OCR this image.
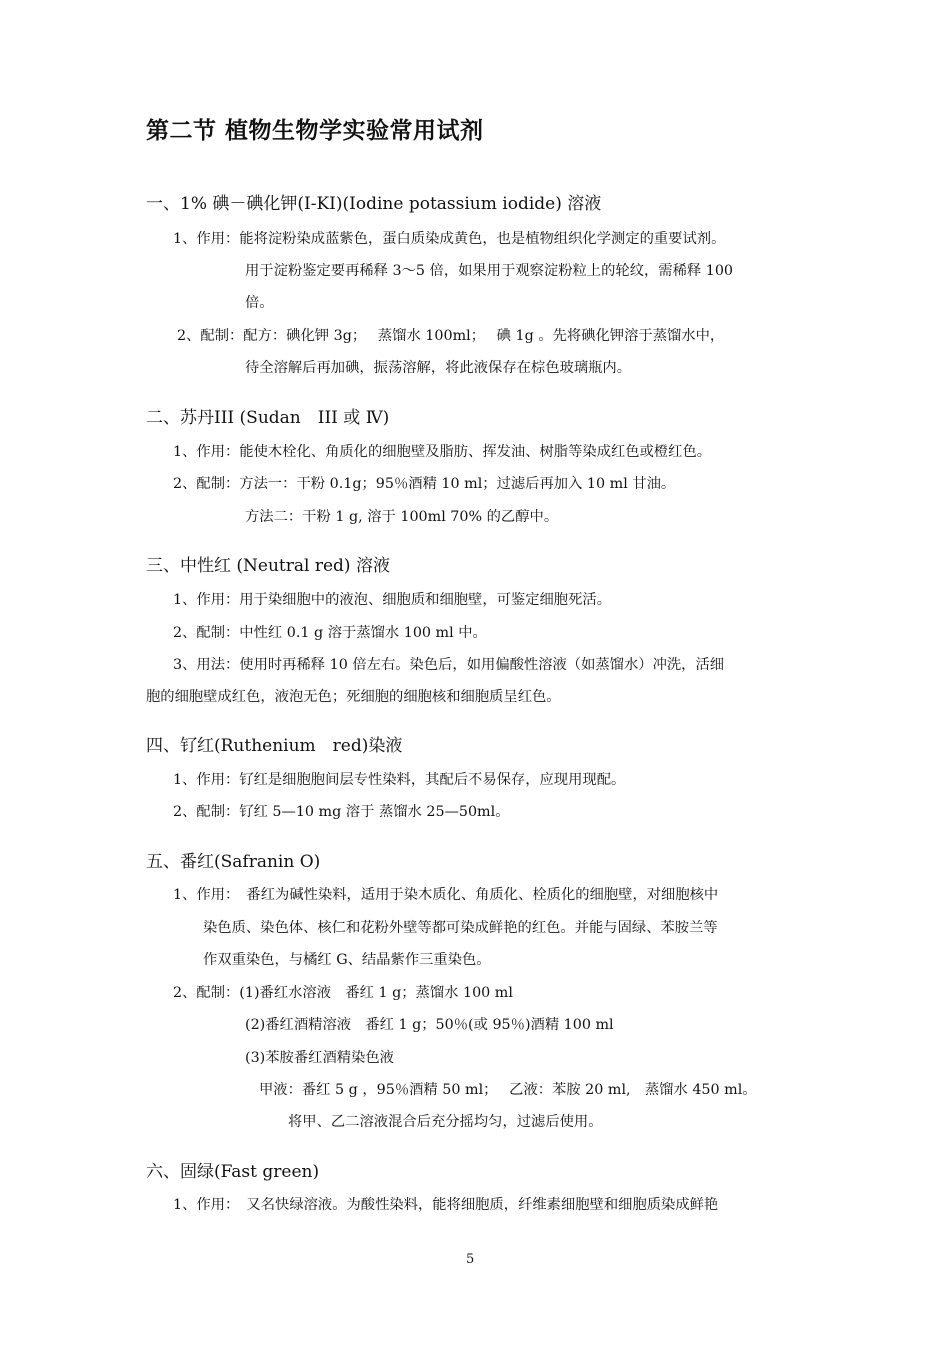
第二节 植物生物学实验常用试剂
一、1% 碘－碘化钾(I-KI)(Iodine potassium iodide) 溶液
1、作用：能将淀粉染成蓝紫色，蛋白质染成黄色，也是植物组织化学测定的重要试剂。
用于淀粉鉴定要再稀释 3～5 倍，如果用于观察淀粉粒上的轮纹，需稀释 100
倍。
2、配制：配方：碘化钾 3g；　 蒸馏水 100ml；　 碘 1g 。先将碘化钾溶于蒸馏水中，
待全溶解后再加碘，振荡溶解，将此液保存在棕色玻璃瓶内。
二、苏丹III (Sudan　III 或 Ⅳ)
1、作用：能使木栓化、角质化的细胞壁及脂肪、挥发油、树脂等染成红色或橙红色。
2、配制：方法一：干粉 0.1g；95％酒精 10 ml；过滤后再加入 10 ml 甘油。
方法二：干粉 1 g, 溶于 100ml 70% 的乙醇中。
三、中性红 (Neutral red) 溶液
1、作用：用于染细胞中的液泡、细胞质和细胞壁，可鉴定细胞死活。
2、配制：中性红 0.1 g 溶于蒸馏水 100 ml 中。
3、用法：使用时再稀释 10 倍左右。染色后，如用偏酸性溶液（如蒸馏水）冲洗，活细
胞的细胞壁成红色，液泡无色；死细胞的细胞核和细胞质呈红色。
四、钌红(Ruthenium　red)染液
1、作用：钌红是细胞胞间层专性染料，其配后不易保存，应现用现配。
2、配制：钌红 5—10 mg 溶于 蒸馏水 25—50ml。
五、番红(Safranin O)
1、作用：　番红为碱性染料，适用于染木质化、角质化、栓质化的细胞壁，对细胞核中
染色质、染色体、核仁和花粉外壁等都可染成鲜艳的红色。并能与固绿、苯胺兰等
作双重染色，与橘红 G、结晶紫作三重染色。
2、配制：(1)番红水溶液　番红 1 g；蒸馏水 100 ml
(2)番红酒精溶液　番红 1 g；50％(或 95％)酒精 100 ml
(3)苯胺番红酒精染色液
甲液：番红 5 g ，95％酒精 50 ml；　 乙液：苯胺 20 ml,　蒸馏水 450 ml。
将甲、乙二溶液混合后充分摇均匀，过滤后使用。
六、固绿(Fast green)
1、作用：　又名快绿溶液。为酸性染料，能将细胞质，纤维素细胞壁和细胞质染成鲜艳
5
